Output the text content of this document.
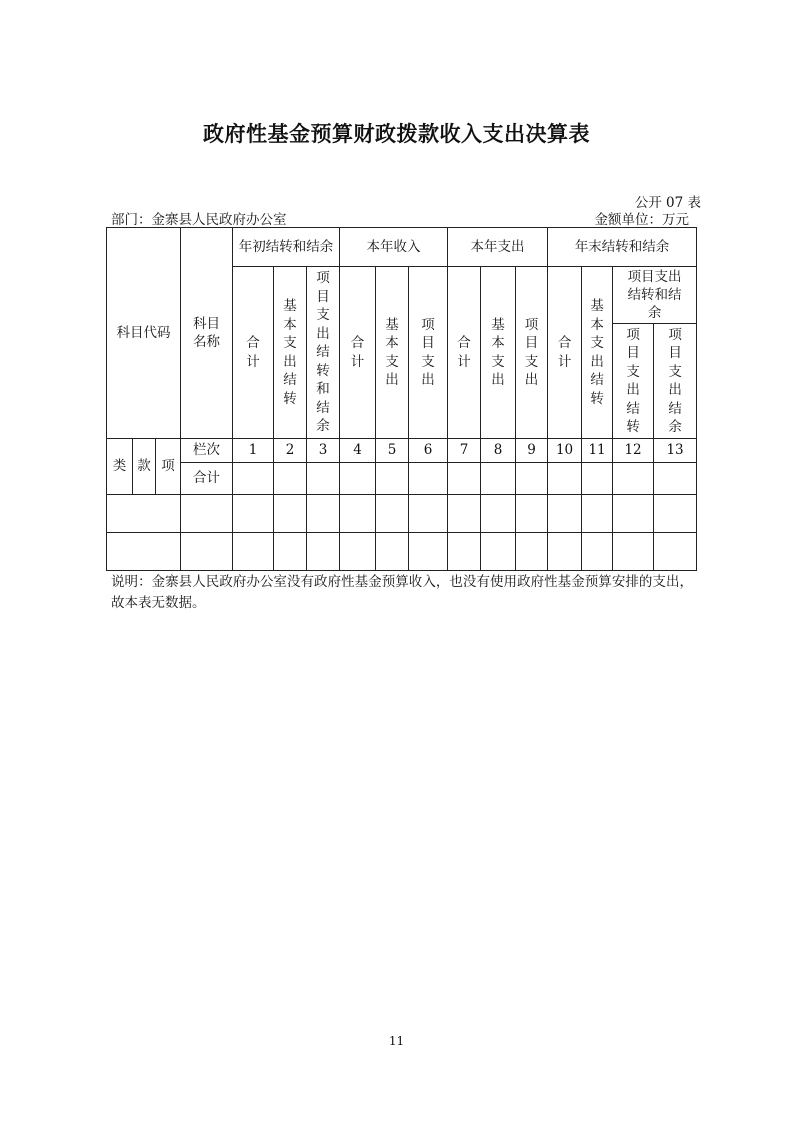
政府性基金预算财政拨款收入支出决算表
公开 07 表
部门：金寨县人民政府办公室	金额单位：万元
科目代码			科目名称	年初结转和结余			本年收入			本年支出			年末结转和结余			
				合计	基本支出结转	项目支出结转和结余	合计	基本支出	项目支出	合计	基本支出	项目支出	合计	基本支出结转	项目支出结转和结余	

															项目支出结转	项目支出结余

类	款	项	栏次	1	2	3	4	5	6	7	8	9	10	11	12	13
			合计													

说明：金寨县人民政府办公室没有政府性基金预算收入，也没有使用政府性基金预算安排的支出，故本表无数据。
11
